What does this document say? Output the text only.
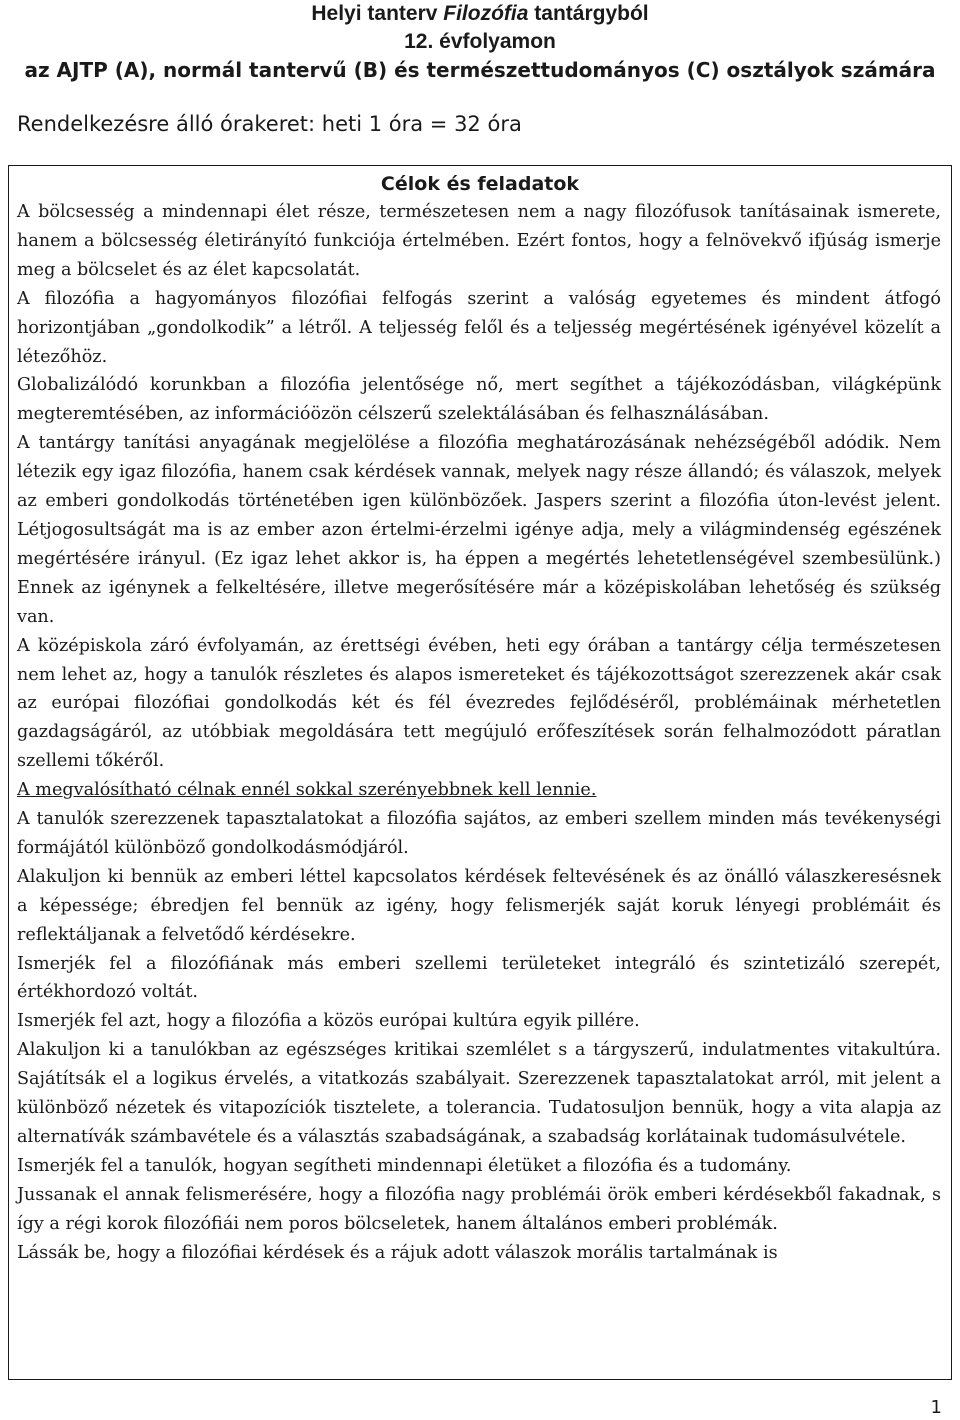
Helyi tanterv Filozófia tantárgyból
12. évfolyamon
az AJTP (A), normál tantervű (B) és természettudományos (C) osztályok számára
Rendelkezésre álló órakeret: heti 1 óra = 32 óra
Célok és feladatok

A bölcsesség a mindennapi élet része, természetesen nem a nagy filozófusok tanításainak ismerete, hanem a bölcsesség életirányító funkciója értelmében. Ezért fontos, hogy a felnövekvő ifjúság ismerje meg a bölcselet és az élet kapcsolatát.

A filozófia a hagyományos filozófiai felfogás szerint a valóság egyetemes és mindent átfogó horizontjában „gondolkodik” a létről. A teljesség felől és a teljesség megértésének igényével közelít a létezőhöz.

Globalizálódó korunkban a filozófia jelentősége nő, mert segíthet a tájékozódásban, világképünk megteremtésében, az információözön célszerű szelektálásában és felhasználásában.

A tantárgy tanítási anyagának megjelölése a filozófia meghatározásának nehézségéből adódik. Nem létezik egy igaz filozófia, hanem csak kérdések vannak, melyek nagy része állandó; és válaszok, melyek az emberi gondolkodás történetében igen különbözőek. Jaspers szerint a filozófia úton-levést jelent. Létjogosultságát ma is az ember azon értelmi-érzelmi igénye adja, mely a világmindenség egészének megértésére irányul. (Ez igaz lehet akkor is, ha éppen a megértés lehetetlenségével szembesülünk.) Ennek az igénynek a felkeltésére, illetve megerősítésére már a középiskolában lehetőség és szükség van.

A középiskola záró évfolyamán, az érettségi évében, heti egy órában a tantárgy célja természetesen nem lehet az, hogy a tanulók részletes és alapos ismereteket és tájékozottságot szerezzenek akár csak az európai filozófiai gondolkodás két és fél évezredes fejlődéséről, problémáinak mérhetetlen gazdagságáról, az utóbbiak megoldására tett megújuló erőfeszítések során felhalmozódott páratlan szellemi tőkéről.

A megvalósítható célnak ennél sokkal szerényebbnek kell lennie.

A tanulók szerezzenek tapasztalatokat a filozófia sajátos, az emberi szellem minden más tevékenységi formájától különböző gondolkodásmódjáról.

Alakuljon ki bennük az emberi léttel kapcsolatos kérdések feltevésének és az önálló válaszkeresésnek a képessége; ébredjen fel bennük az igény, hogy felismerjék saját koruk lényegi problémáit és reflektáljanak a felvetődő kérdésekre.

Ismerjék fel a filozófiának más emberi szellemi területeket integráló és szintetizáló szerepét, értékhordozó voltát.

Ismerjék fel azt, hogy a filozófia a közös európai kultúra egyik pillére.

Alakuljon ki a tanulókban az egészséges kritikai szemlélet s a tárgyszerű, indulatmentes vitakultúra. Sajátítsák el a logikus érvelés, a vitatkozás szabályait. Szerezzenek tapasztalatokat arról, mit jelent a különböző nézetek és vitapozíciók tisztelete, a tolerancia. Tudatosuljon bennük, hogy a vita alapja az alternatívák számbavétele és a választás szabadságának, a szabadság korlátainak tudomásulvétele.

Ismerjék fel a tanulók, hogyan segítheti mindennapi életüket a filozófia és a tudomány.

Jussanak el annak felismerésére, hogy a filozófia nagy problémái örök emberi kérdésekből fakadnak, s így a régi korok filozófiái nem poros bölcseletek, hanem általános emberi problémák.

Lássák be, hogy a filozófiai kérdések és a rájuk adott válaszok morális tartalmának is

1
